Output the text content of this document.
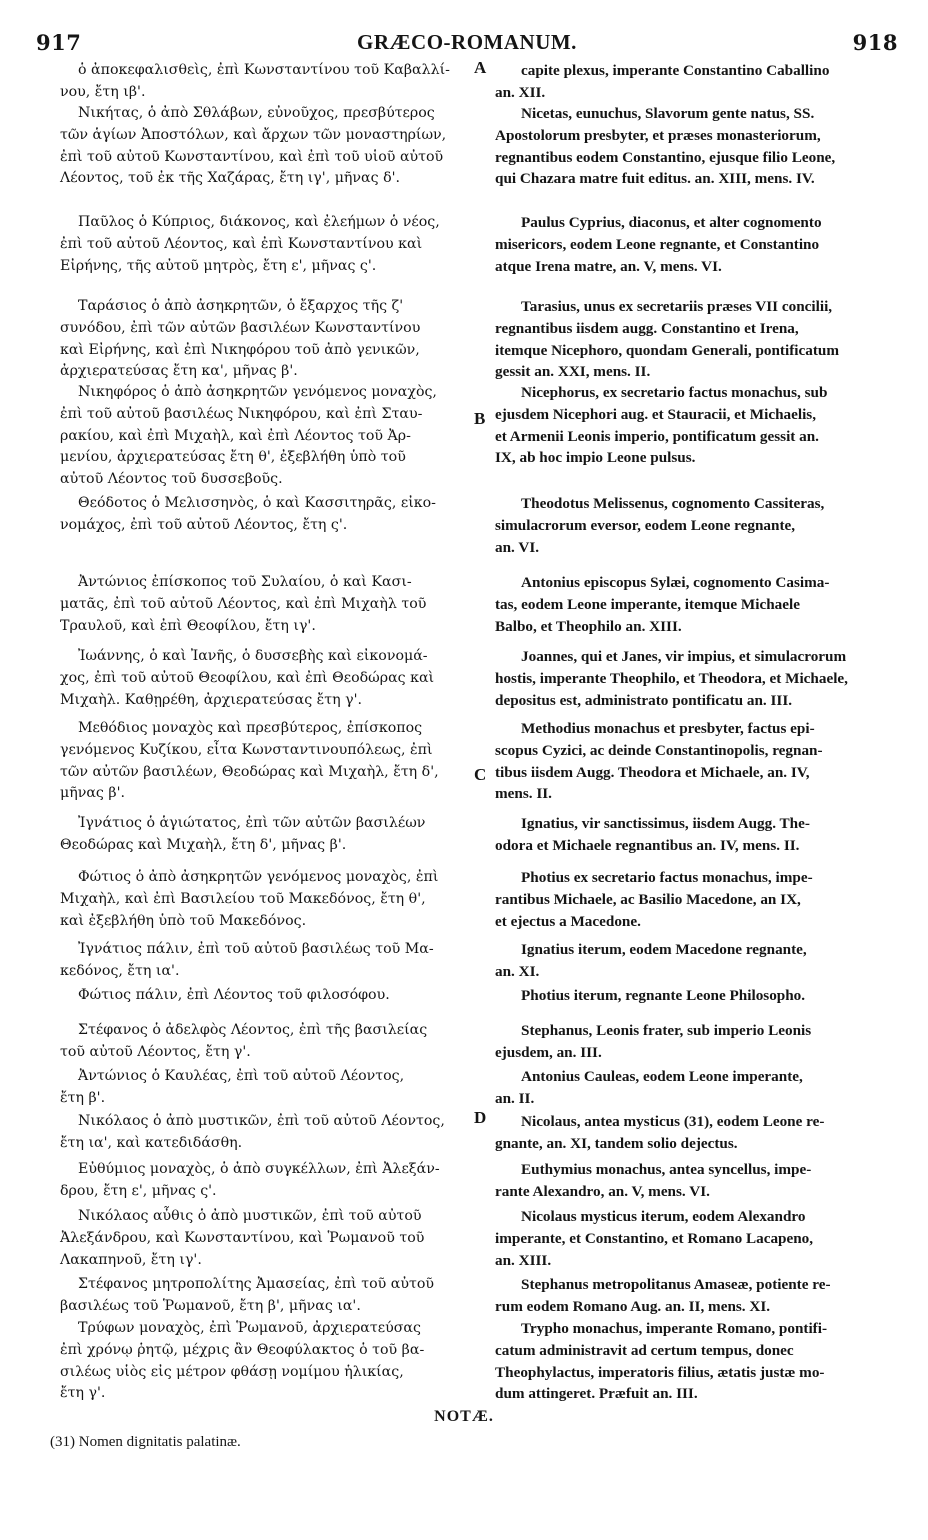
917	GRÆCO-ROMANUM.	918
ὁ ἀποκεφαλισθεὶς, ἐπὶ Κωνσταντίνου τοῦ Καβαλλί-
νου, ἔτη ιβ'.
Νικήτας, ὁ ἀπὸ Σθλάβων, εὐνοῦχος, πρεσβύτερος
τῶν ἁγίων Ἀποστόλων, καὶ ἄρχων τῶν μοναστηρίων,
ἐπὶ τοῦ αὐτοῦ Κωνσταντίνου, καὶ ἐπὶ τοῦ υἱοῦ αὐτοῦ
Λέοντος, τοῦ ἐκ τῆς Χαζάρας, ἔτη ιγ', μῆνας δ'.
Παῦλος ὁ Κύπριος, διάκονος, καὶ ἐλεήμων ὁ νέος,
ἐπὶ τοῦ αὐτοῦ Λέοντος, καὶ ἐπὶ Κωνσταντίνου καὶ
Εἰρήνης, τῆς αὐτοῦ μητρὸς, ἔτη ε', μῆνας ς'.
Ταράσιος ὁ ἀπὸ ἀσηκρητῶν, ὁ ἔξαρχος τῆς ζ'
συνόδου, ἐπὶ τῶν αὐτῶν βασιλέων Κωνσταντίνου
καὶ Εἰρήνης, καὶ ἐπὶ Νικηφόρου τοῦ ἀπὸ γενικῶν,
ἀρχιερατεύσας ἔτη κα', μῆνας β'.
Νικηφόρος ὁ ἀπὸ ἀσηκρητῶν γενόμενος μοναχὸς,
ἐπὶ τοῦ αὐτοῦ βασιλέως Νικηφόρου, καὶ ἐπὶ Σταυ-
ρακίου, καὶ ἐπὶ Μιχαὴλ, καὶ ἐπὶ Λέοντος τοῦ Ἀρ-
μενίου, ἀρχιερατεύσας ἔτη θ', ἐξεβλήθη ὑπὸ τοῦ
αὐτοῦ Λέοντος τοῦ δυσσεβοῦς.
Θεόδοτος ὁ Μελισσηνὸς, ὁ καὶ Κασσιτηρᾶς, εἰκο-
νομάχος, ἐπὶ τοῦ αὐτοῦ Λέοντος, ἔτη ς'.
Ἀντώνιος ἐπίσκοπος τοῦ Συλαίου, ὁ καὶ Κασι-
ματᾶς, ἐπὶ τοῦ αὐτοῦ Λέοντος, καὶ ἐπὶ Μιχαὴλ τοῦ
Τραυλοῦ, καὶ ἐπὶ Θεοφίλου, ἔτη ιγ'.
Ἰωάννης, ὁ καὶ Ἰανῆς, ὁ δυσσεβὴς καὶ εἰκονομά-
χος, ἐπὶ τοῦ αὐτοῦ Θεοφίλου, καὶ ἐπὶ Θεοδώρας καὶ
Μιχαὴλ. Καθῃρέθη, ἀρχιερατεύσας ἔτη γ'.
Μεθόδιος μοναχὸς καὶ πρεσβύτερος, ἐπίσκοπος
γενόμενος Κυζίκου, εἶτα Κωνσταντινουπόλεως, ἐπὶ
τῶν αὐτῶν βασιλέων, Θεοδώρας καὶ Μιχαὴλ, ἔτη δ',
μῆνας β'.
Ἰγνάτιος ὁ ἁγιώτατος, ἐπὶ τῶν αὐτῶν βασιλέων
Θεοδώρας καὶ Μιχαὴλ, ἔτη δ', μῆνας β'.
Φώτιος ὁ ἀπὸ ἀσηκρητῶν γενόμενος μοναχὸς, ἐπὶ
Μιχαὴλ, καὶ ἐπὶ Βασιλείου τοῦ Μακεδόνος, ἔτη θ',
καὶ ἐξεβλήθη ὑπὸ τοῦ Μακεδόνος.
Ἰγνάτιος πάλιν, ἐπὶ τοῦ αὐτοῦ βασιλέως τοῦ Μα-
κεδόνος, ἔτη ια'.
Φώτιος πάλιν, ἐπὶ Λέοντος τοῦ φιλοσόφου.
Στέφανος ὁ ἀδελφὸς Λέοντος, ἐπὶ τῆς βασιλείας
τοῦ αὐτοῦ Λέοντος, ἔτη γ'.
Ἀντώνιος ὁ Καυλέας, ἐπὶ τοῦ αὐτοῦ Λέοντος,
ἔτη β'.
Νικόλαος ὁ ἀπὸ μυστικῶν, ἐπὶ τοῦ αὐτοῦ Λέοντος,
ἔτη ια', καὶ κατεδιδάσθη.
Εὐθύμιος μοναχὸς, ὁ ἀπὸ συγκέλλων, ἐπὶ Ἀλεξάν-
δρου, ἔτη ε', μῆνας ς'.
Νικόλαος αὖθις ὁ ἀπὸ μυστικῶν, ἐπὶ τοῦ αὐτοῦ
Ἀλεξάνδρου, καὶ Κωνσταντίνου, καὶ Ῥωμανοῦ τοῦ
Λακαπηνοῦ, ἔτη ιγ'.
Στέφανος μητροπολίτης Ἀμασείας, ἐπὶ τοῦ αὐτοῦ
βασιλέως τοῦ Ῥωμανοῦ, ἔτη β', μῆνας ια'.
Τρύφων μοναχὸς, ἐπὶ Ῥωμανοῦ, ἀρχιερατεύσας
ἐπὶ χρόνῳ ῥητῷ, μέχρις ἂν Θεοφύλακτος ὁ τοῦ βα-
σιλέως υἱὸς εἰς μέτρον φθάσῃ νομίμου ἡλικίας,
ἔτη γ'.
capite plexus, imperante Constantino Caballino
an. XII.
Nicetas, eunuchus, Slavorum gente natus, SS.
Apostolorum presbyter, et præses monasteriorum,
regnantibus eodem Constantino, ejusque filio Leone,
qui Chazara matre fuit editus. an. XIII, mens. IV.
Paulus Cyprius, diaconus, et alter cognomento
misericors, eodem Leone regnante, et Constantino
atque Irena matre, an. V, mens. VI.
Tarasius, unus ex secretariis præses VII concilii,
regnantibus iisdem augg. Constantino et Irena,
itemque Nicephoro, quondam Generali, pontificatum
gessit an. XXI, mens. II.
Nicephorus, ex secretario factus monachus, sub
ejusdem Nicephori aug. et Stauracii, et Michaelis,
et Armenii Leonis imperio, pontificatum gessit an.
IX, ab hoc impio Leone pulsus.
Theodotus Melissenus, cognomento Cassiteras,
simulacrorum eversor, eodem Leone regnante,
an. VI.
Antonius episcopus Sylæi, cognomento Casima-
tas, eodem Leone imperante, itemque Michaele
Balbo, et Theophilo an. XIII.
Joannes, qui et Janes, vir impius, et simulacrorum
hostis, imperante Theophilo, et Theodora, et Michaele,
depositus est, administrato pontificatu an. III.
Methodius monachus et presbyter, factus epi-
scopus Cyzici, ac deinde Constantinopolis, regnan-
tibus iisdem Augg. Theodora et Michaele, an. IV,
mens. II.
Ignatius, vir sanctissimus, iisdem Augg. The-
odora et Michaele regnantibus an. IV, mens. II.
Photius ex secretario factus monachus, impe-
rantibus Michaele, ac Basilio Macedone, an IX,
et ejectus a Macedone.
Ignatius iterum, eodem Macedone regnante,
an. XI.
Photius iterum, regnante Leone Philosopho.
Stephanus, Leonis frater, sub imperio Leonis
ejusdem, an. III.
Antonius Cauleas, eodem Leone imperante,
an. II.
Nicolaus, antea mysticus (31), eodem Leone re-
gnante, an. XI, tandem solio dejectus.
Euthymius monachus, antea syncellus, impe-
rante Alexandro, an. V, mens. VI.
Nicolaus mysticus iterum, eodem Alexandro
imperante, et Constantino, et Romano Lacapeno,
an. XIII.
Stephanus metropolitanus Amaseæ, potiente re-
rum eodem Romano Aug. an. II, mens. XI.
Trypho monachus, imperante Romano, pontifi-
catum administravit ad certum tempus, donec
Theophylactus, imperatoris filius, ætatis justæ mo-
dum attingeret. Præfuit an. III.
A
B
C
D
NOTÆ.
(31) Nomen dignitatis palatinæ.
